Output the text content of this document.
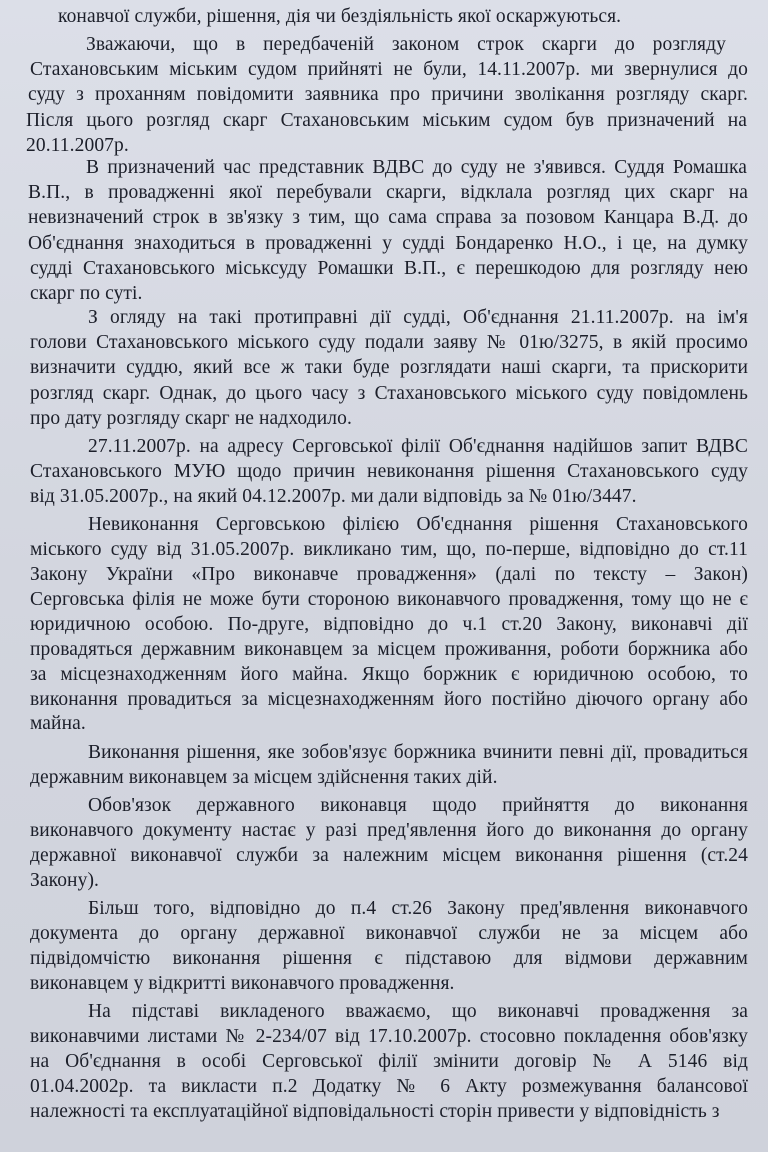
конавчої служби, рішення, дія чи бездіяльність якої оскаржуються.
Зважаючи, що в передбаченій законом строк скарги до розгляду
Стахановським міським судом прийняті не були, 14.11.2007р. ми звернулися до
суду з проханням повідомити заявника про причини зволікання розгляду скарг.
Після цього розгляд скарг Стахановським міським судом був призначений на
20.11.2007р.
В призначений час представник ВДВС до суду не з'явився. Суддя Ромашка
В.П., в провадженні якої перебували скарги, відклала розгляд цих скарг на
невизначений строк в зв'язку з тим, що сама справа за позовом Канцара В.Д. до
Об'єднання знаходиться в провадженні у судді Бондаренко Н.О., і це, на думку
судді Стахановського міськсуду Ромашки В.П., є перешкодою для розгляду нею
скарг по суті.
З огляду на такі протиправні дії судді, Об'єднання 21.11.2007р. на ім'я
голови Стахановського міського суду подали заяву № 01ю/3275, в якій просимо
визначити суддю, який все ж таки буде розглядати наші скарги, та прискорити
розгляд скарг. Однак, до цього часу з Стахановського міського суду повідомлень
про дату розгляду скарг не надходило.
27.11.2007р. на адресу Серговської філії Об'єднання надійшов запит ВДВС
Стахановського МУЮ щодо причин невиконання рішення Стахановського суду
від 31.05.2007р., на який 04.12.2007р. ми дали відповідь за № 01ю/3447.
Невиконання Серговською філією Об'єднання рішення Стахановського
міського суду від 31.05.2007р. викликано тим, що, по-перше, відповідно до ст.11
Закону України «Про виконавче провадження» (далі по тексту – Закон)
Серговська філія не може бути стороною виконавчого провадження, тому що не є
юридичною особою. По-друге, відповідно до ч.1 ст.20 Закону, виконавчі дії
провадяться державним виконавцем за місцем проживання, роботи боржника або
за місцезнаходженням його майна. Якщо боржник є юридичною особою, то
виконання провадиться за місцезнаходженням його постійно діючого органу або
майна.
Виконання рішення, яке зобов'язує боржника вчинити певні дії, провадиться
державним виконавцем за місцем здійснення таких дій.
Обов'язок державного виконавця щодо прийняття до виконання
виконавчого документу настає у разі пред'явлення його до виконання до органу
державної виконавчої служби за належним місцем виконання рішення (ст.24
Закону).
Більш того, відповідно до п.4 ст.26 Закону пред'явлення виконавчого
документа до органу державної виконавчої служби не за місцем або
підвідомчістю виконання рішення є підставою для відмови державним
виконавцем у відкритті виконавчого провадження.
На підставі викладеного вважаємо, що виконавчі провадження за
виконавчими листами № 2-234/07 від 17.10.2007р. стосовно покладення обов'язку
на Об'єднання в особі Серговської філії змінити договір № А 5146 від
01.04.2002р. та викласти п.2 Додатку № 6 Акту розмежування балансової
належності та експлуатаційної відповідальності сторін привести у відповідність з
